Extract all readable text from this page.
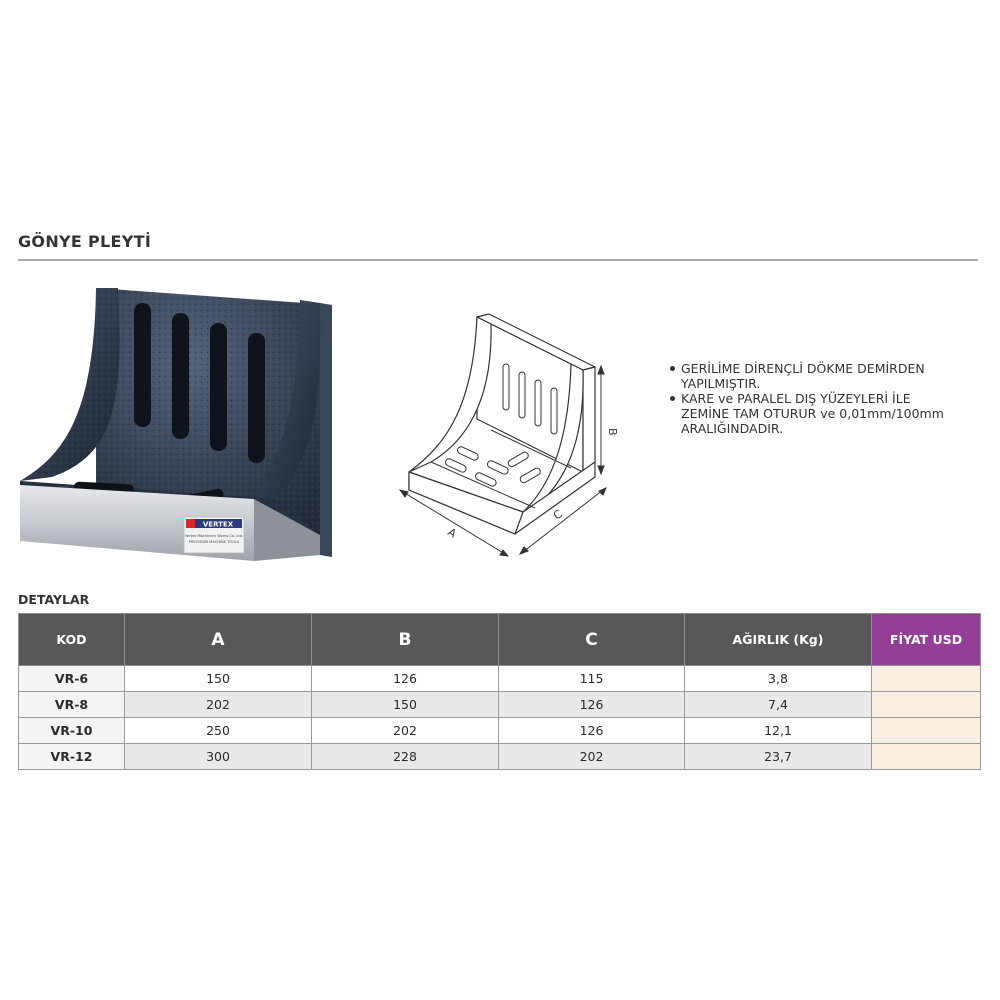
GÖNYE PLEYTİ
VERTEX
Vertex Machinery Works Co.,Ltd.
PRECISION MACHINE TOOLS
B
A
C
GERİLİME DİRENÇLİ DÖKME DEMİRDEN
YAPILMIŞTIR.
KARE ve PARALEL DIŞ YÜZEYLERİ İLE
ZEMİNE TAM OTURUR ve 0,01mm/100mm
ARALIĞINDADIR.
DETAYLAR
KOD	A	B	C	AĞIRLIK (Kg)	FİYAT USD
VR-6	150	126	115	3,8	
VR-8	202	150	126	7,4	
VR-10	250	202	126	12,1	
VR-12	300	228	202	23,7	
